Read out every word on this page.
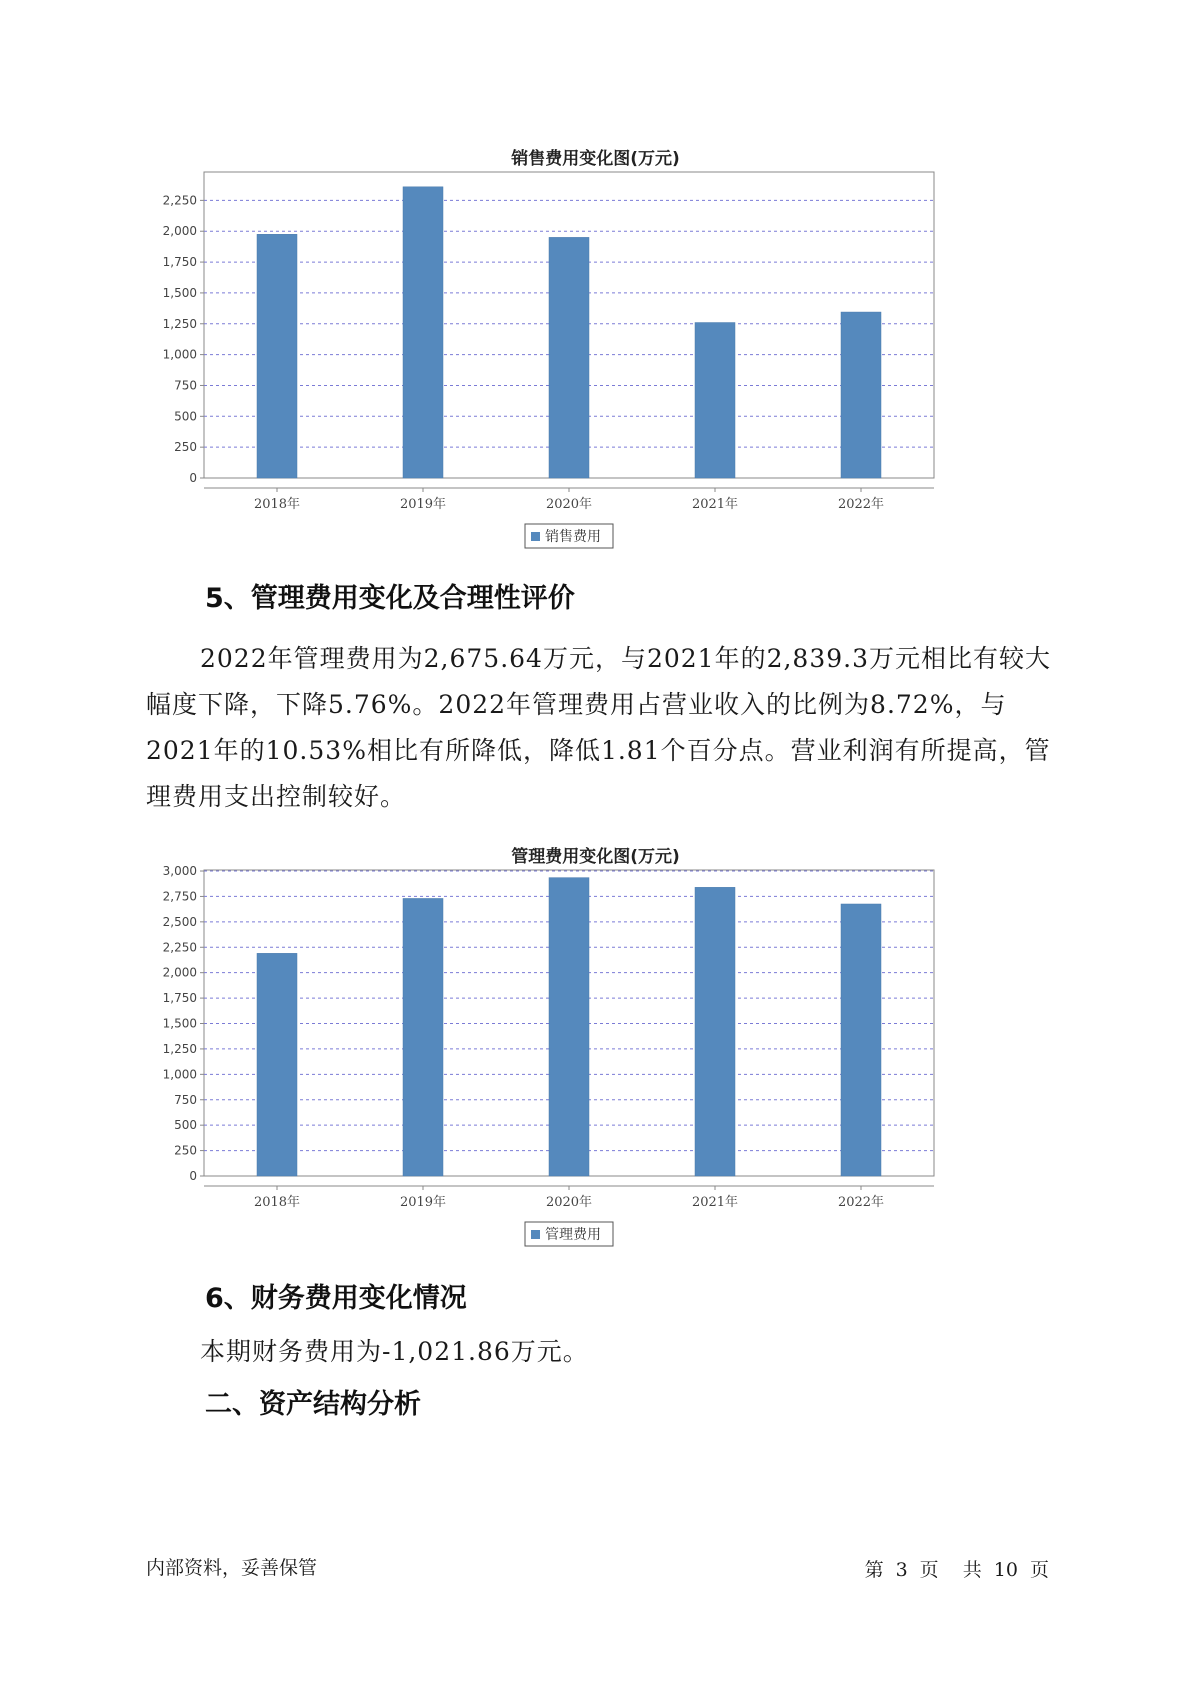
销售费用变化图(万元)
0
250
500
750
1,000
1,250
1,500
1,750
2,000
2,250
2018年	2019年	2020年	2021年	2022年
销售费用
5、管理费用变化及合理性评价

2022年管理费用为2,675.64万元，与2021年的2,839.3万元相比有较大幅度下降，下降5.76%。2022年管理费用占营业收入的比例为8.72%，与2021年的10.53%相比有所降低，降低1.81个百分点。营业利润有所提高，管理费用支出控制较好。

管理费用变化图(万元)
0
250
500
750
1,000
1,250
1,500
1,750
2,000
2,250
2,500
2,750
3,000
2018年	2019年	2020年	2021年	2022年
管理费用
6、财务费用变化情况

本期财务费用为-1,021.86万元。

二、资产结构分析
内部资料，妥善保管	第 3 页 共 10 页
